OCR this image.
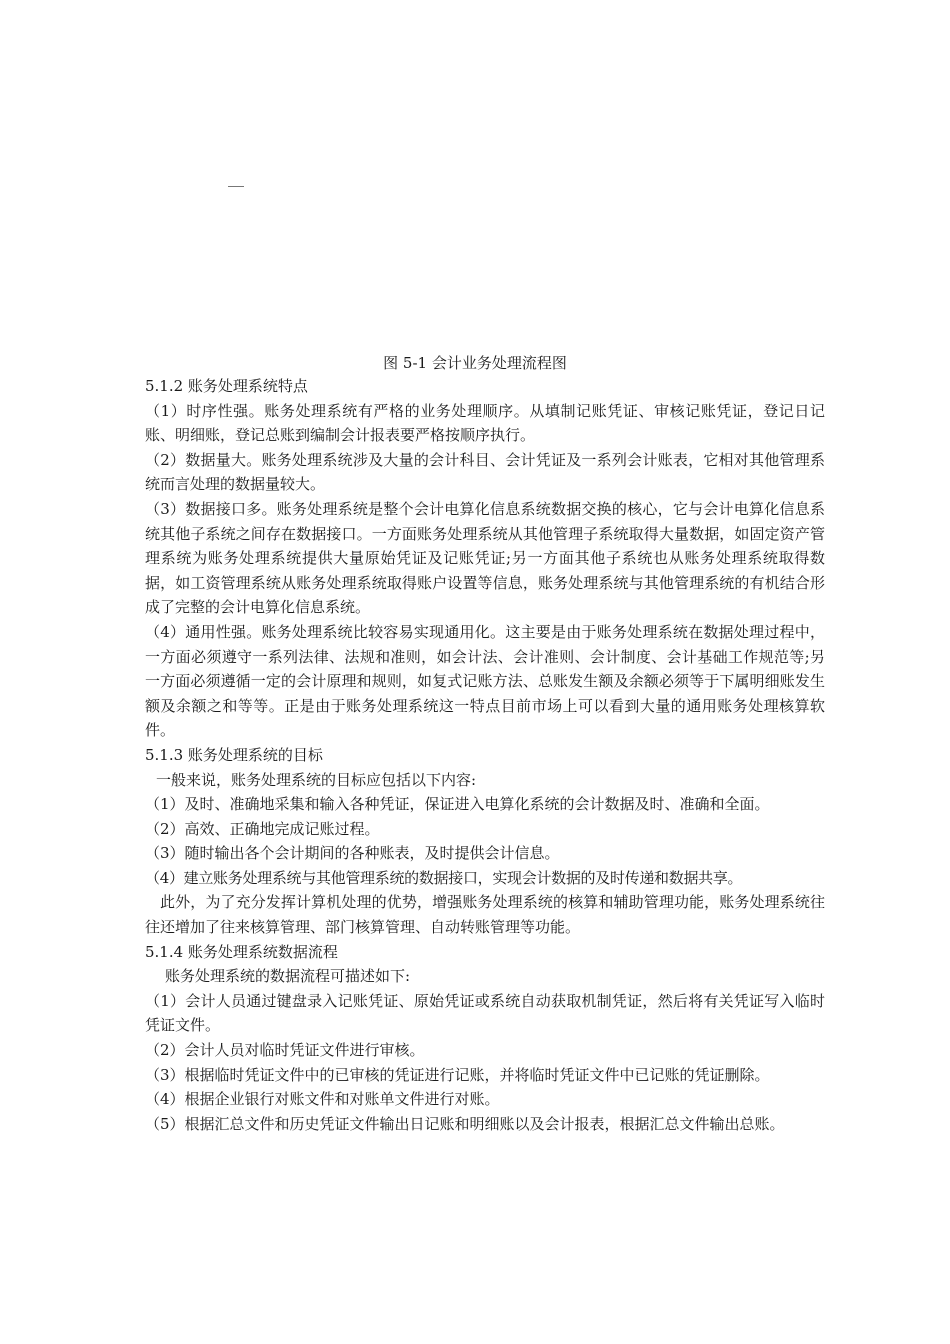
图 5-1 会计业务处理流程图

5.1.2 账务处理系统特点

（1）时序性强。账务处理系统有严格的业务处理顺序。从填制记账凭证、审核记账凭证，登记日记账、明细账，登记总账到编制会计报表要严格按顺序执行。

（2）数据量大。账务处理系统涉及大量的会计科目、会计凭证及一系列会计账表，它相对其他管理系统而言处理的数据量较大。

（3）数据接口多。账务处理系统是整个会计电算化信息系统数据交换的核心，它与会计电算化信息系统其他子系统之间存在数据接口。一方面账务处理系统从其他管理子系统取得大量数据，如固定资产管理系统为账务处理系统提供大量原始凭证及记账凭证;另一方面其他子系统也从账务处理系统取得数据，如工资管理系统从账务处理系统取得账户设置等信息，账务处理系统与其他管理系统的有机结合形成了完整的会计电算化信息系统。

（4）通用性强。账务处理系统比较容易实现通用化。这主要是由于账务处理系统在数据处理过程中，一方面必须遵守一系列法律、法规和准则，如会计法、会计准则、会计制度、会计基础工作规范等;另一方面必须遵循一定的会计原理和规则，如复式记账方法、总账发生额及余额必须等于下属明细账发生额及余额之和等等。正是由于账务处理系统这一特点目前市场上可以看到大量的通用账务处理核算软件。

5.1.3 账务处理系统的目标

一般来说，账务处理系统的目标应包括以下内容:

（1）及时、准确地采集和输入各种凭证，保证进入电算化系统的会计数据及时、准确和全面。

（2）高效、正确地完成记账过程。

（3）随时输出各个会计期间的各种账表，及时提供会计信息。

（4）建立账务处理系统与其他管理系统的数据接口，实现会计数据的及时传递和数据共享。

此外，为了充分发挥计算机处理的优势，增强账务处理系统的核算和辅助管理功能，账务处理系统往往还增加了往来核算管理、部门核算管理、自动转账管理等功能。

5.1.4 账务处理系统数据流程

账务处理系统的数据流程可描述如下:

（1）会计人员通过键盘录入记账凭证、原始凭证或系统自动获取机制凭证，然后将有关凭证写入临时凭证文件。

（2）会计人员对临时凭证文件进行审核。

（3）根据临时凭证文件中的已审核的凭证进行记账，并将临时凭证文件中已记账的凭证删除。

（4）根据企业银行对账文件和对账单文件进行对账。

（5）根据汇总文件和历史凭证文件输出日记账和明细账以及会计报表，根据汇总文件输出总账。
